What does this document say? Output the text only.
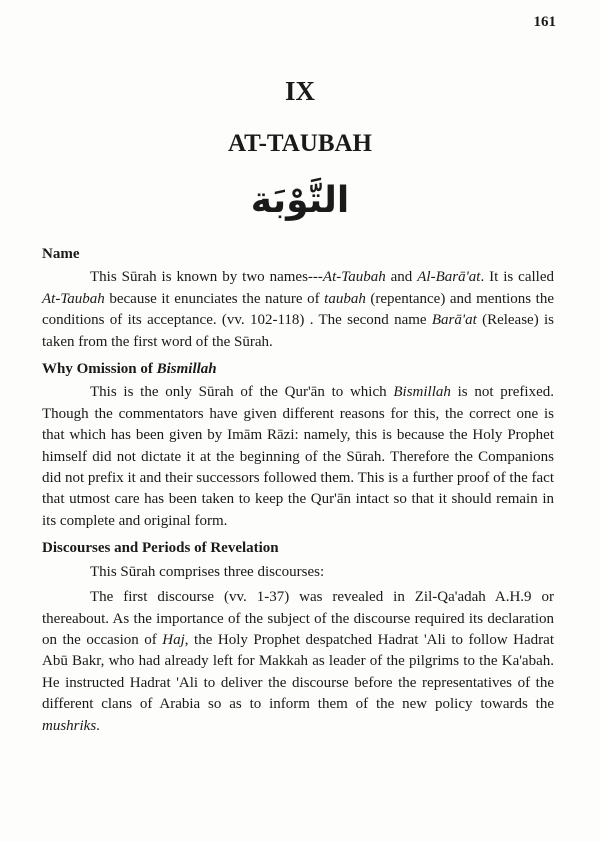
161
IX
AT-TAUBAH
التَّوْبَة
Name

This Sūrah is known by two names---At-Taubah and Al-Barā'at. It is called At-Taubah because it enunciates the nature of taubah (repentance) and mentions the conditions of its acceptance. (vv. 102-118) . The second name Barā'at (Release) is taken from the first word of the Sūrah.

Why Omission of Bismillah

This is the only Sūrah of the Qur'ān to which Bismillah is not prefixed. Though the commentators have given different reasons for this, the correct one is that which has been given by Imām Rāzi: namely, this is because the Holy Prophet himself did not dictate it at the beginning of the Sūrah. Therefore the Companions did not prefix it and their successors followed them. This is a further proof of the fact that utmost care has been taken to keep the Qur'ān intact so that it should remain in its complete and original form.

Discourses and Periods of Revelation

This Sūrah comprises three discourses:

The first discourse (vv. 1-37) was revealed in Zil-Qa'adah A.H.9 or thereabout. As the importance of the subject of the discourse required its declaration on the occasion of Haj, the Holy Prophet despatched Hadrat 'Ali to follow Hadrat Abū Bakr, who had already left for Makkah as leader of the pilgrims to the Ka'abah. He instructed Hadrat 'Ali to deliver the discourse before the representatives of the different clans of Arabia so as to inform them of the new policy towards the mushriks.
